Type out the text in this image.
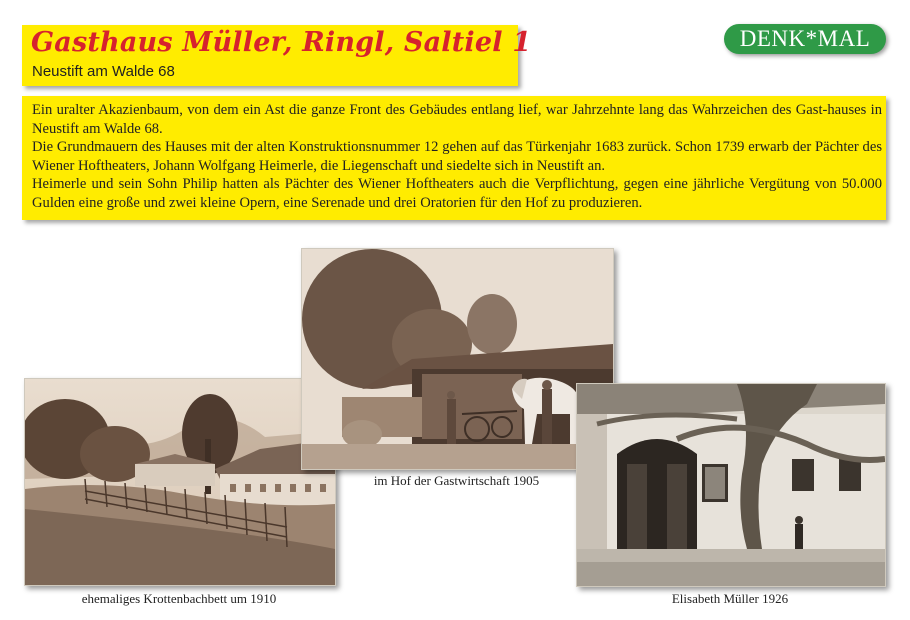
Gasthaus Müller, Ringl, Saltiel 1
Neustift am Walde 68
DENK*MAL

Ein uralter Akazienbaum, von dem ein Ast die ganze Front des Gebäudes entlang lief, war Jahrzehnte lang das Wahrzeichen des Gast-hauses in Neustift am Walde 68.

Die Grundmauern des Hauses mit der alten Konstruktionsnummer 12 gehen auf das Türkenjahr 1683 zurück. Schon 1739 erwarb der Pächter des Wiener Hoftheaters, Johann Wolfgang Heimerle, die Liegenschaft und siedelte sich in Neustift an.

Heimerle und sein Sohn Philip hatten als Pächter des Wiener Hoftheaters auch die Verpflichtung, gegen eine jährliche Vergütung von 50.000 Gulden eine große und zwei kleine Opern, eine Serenade und drei Oratorien für den Hof zu produzieren.

ehemaliges Krottenbachbett um 1910
im Hof der Gastwirtschaft 1905
Elisabeth Müller 1926
